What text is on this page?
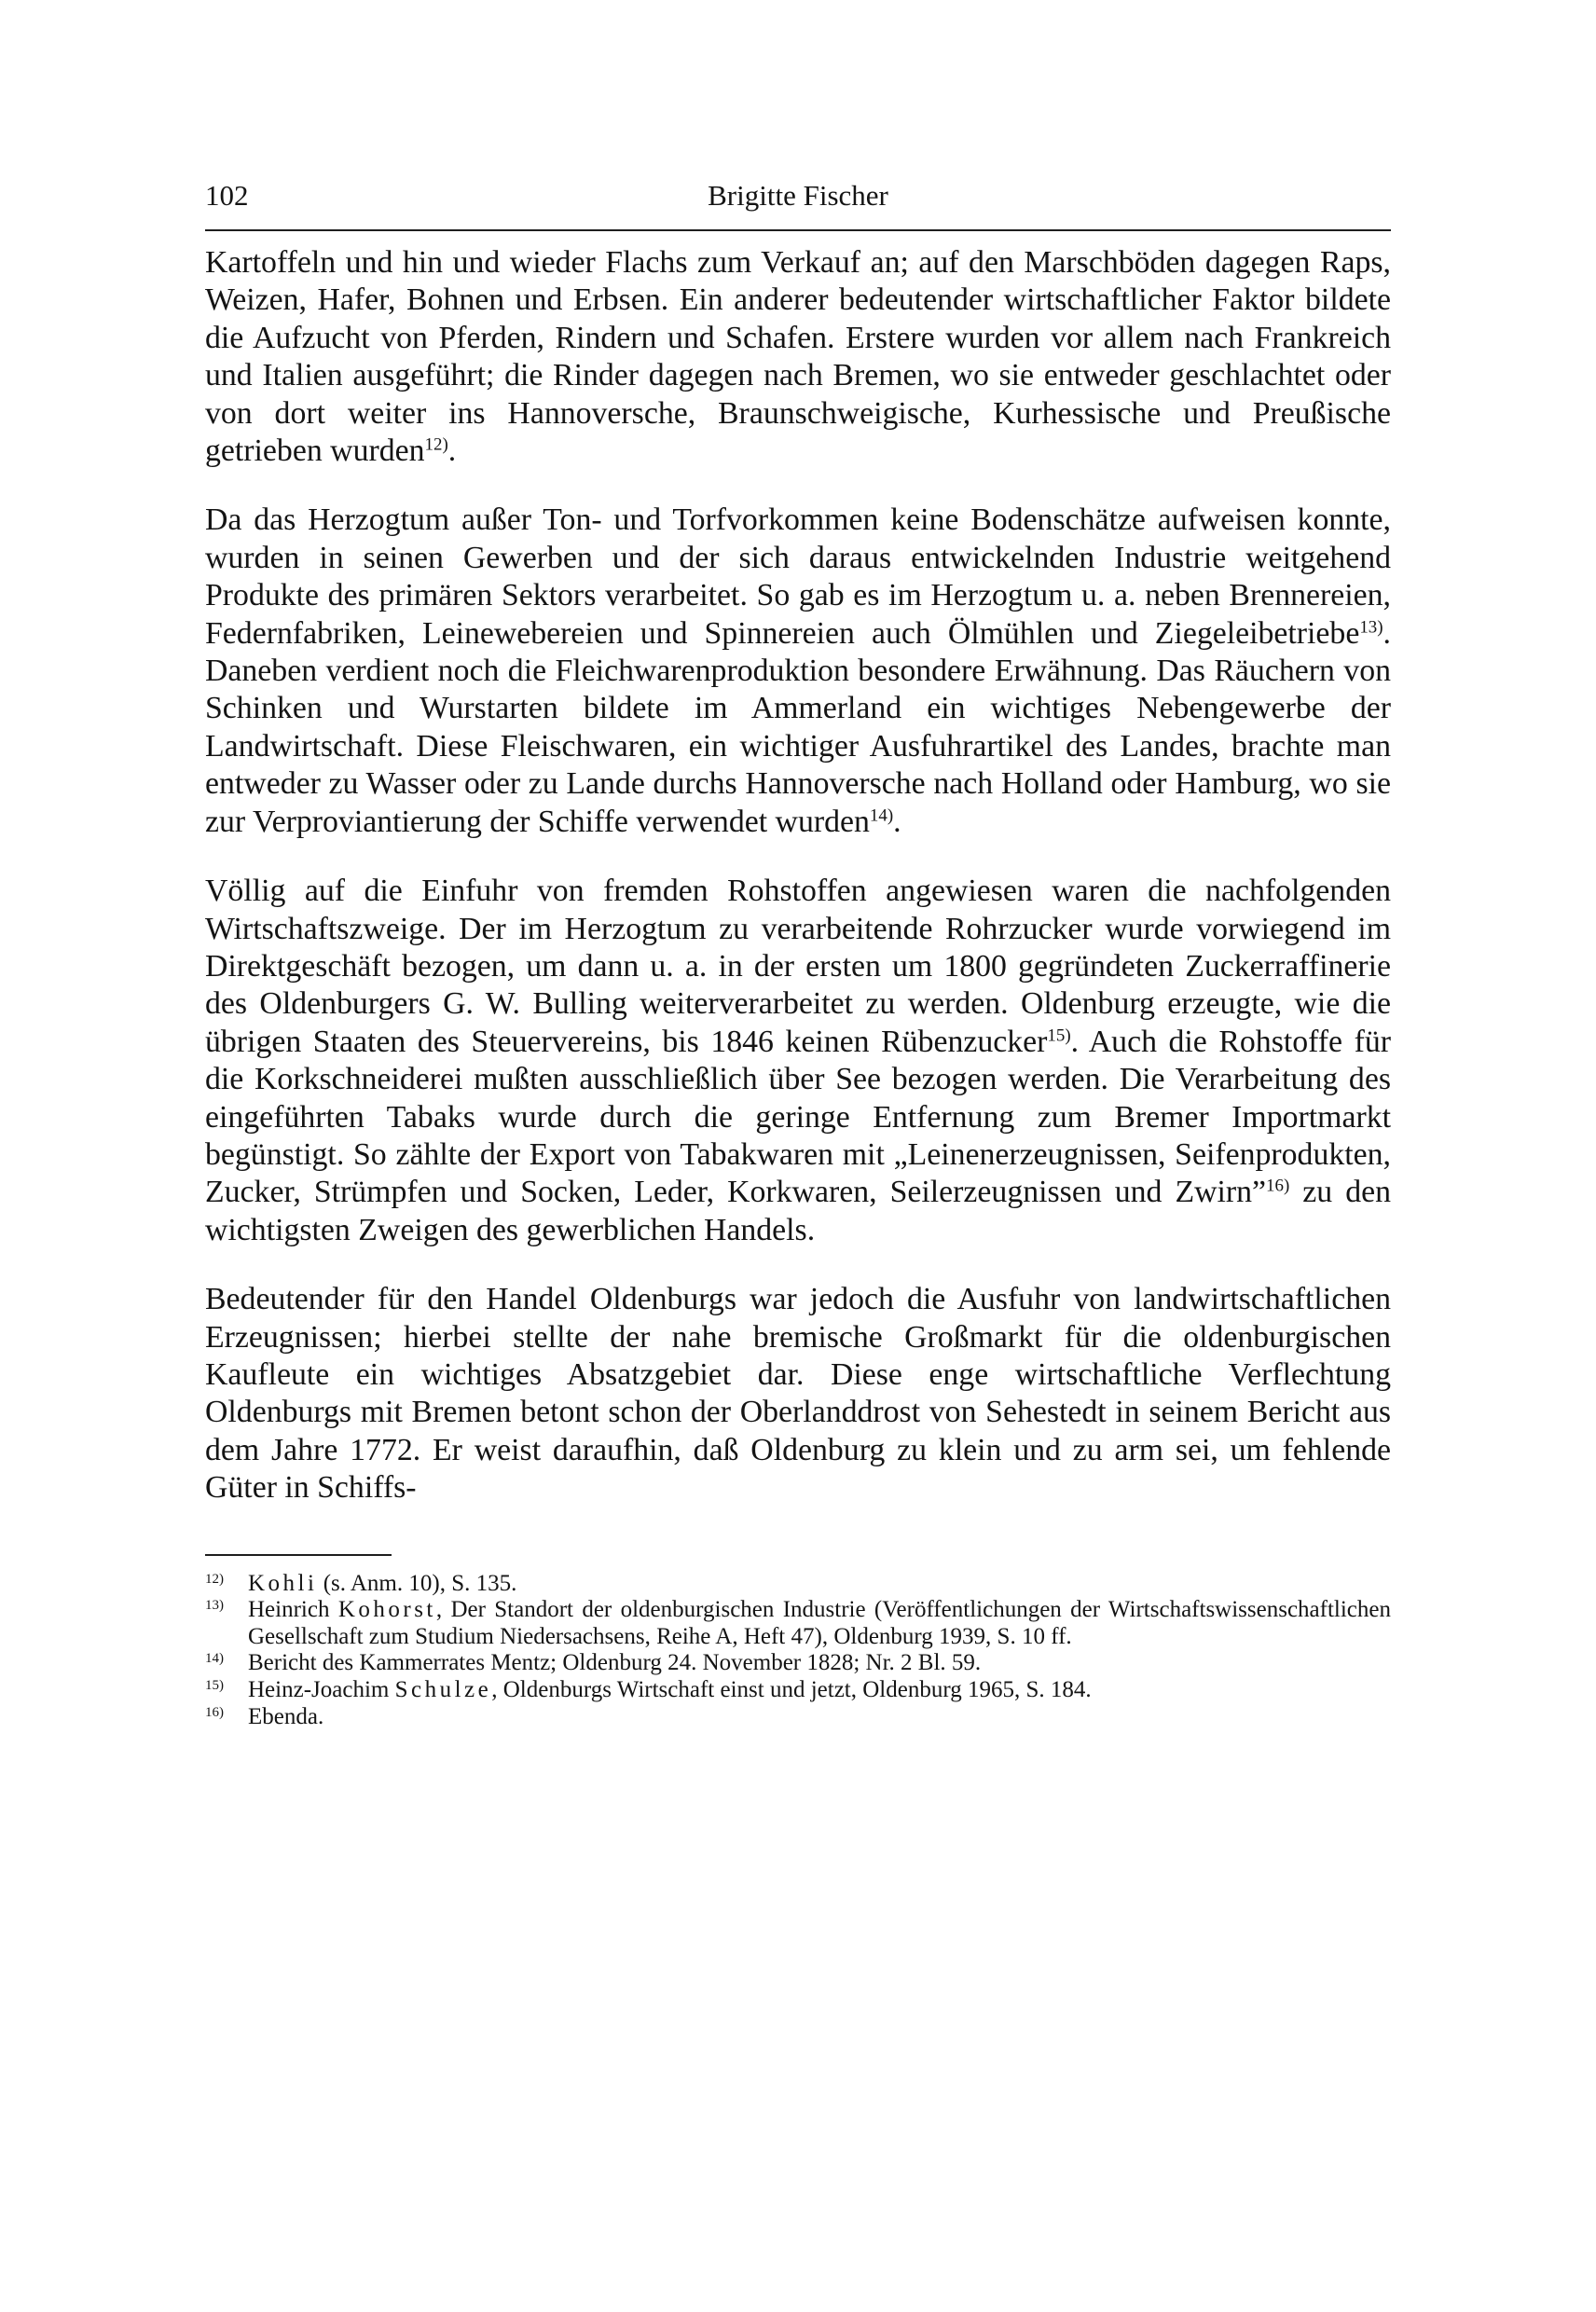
102	Brigitte Fischer

Kartoffeln und hin und wieder Flachs zum Verkauf an; auf den Marschböden dagegen Raps, Weizen, Hafer, Bohnen und Erbsen. Ein anderer bedeutender wirtschaftlicher Faktor bildete die Aufzucht von Pferden, Rindern und Schafen. Erstere wurden vor allem nach Frankreich und Italien ausgeführt; die Rinder dagegen nach Bremen, wo sie entweder geschlachtet oder von dort weiter ins Hannoversche, Braunschweigische, Kurhessische und Preußische getrieben wurden$^{12)}$.

Da das Herzogtum außer Ton- und Torfvorkommen keine Bodenschätze aufweisen konnte, wurden in seinen Gewerben und der sich daraus entwickelnden Industrie weitgehend Produkte des primären Sektors verarbeitet. So gab es im Herzogtum u. a. neben Brennereien, Federnfabriken, Leinewebereien und Spinnereien auch Ölmühlen und Ziegeleibetriebe$^{13)}$. Daneben verdient noch die Fleichwarenproduktion besondere Erwähnung. Das Räuchern von Schinken und Wurstarten bildete im Ammerland ein wichtiges Nebengewerbe der Landwirtschaft. Diese Fleischwaren, ein wichtiger Ausfuhrartikel des Landes, brachte man entweder zu Wasser oder zu Lande durchs Hannoversche nach Holland oder Hamburg, wo sie zur Verproviantierung der Schiffe verwendet wurden$^{14)}$.

Völlig auf die Einfuhr von fremden Rohstoffen angewiesen waren die nachfolgenden Wirtschaftszweige. Der im Herzogtum zu verarbeitende Rohrzucker wurde vorwiegend im Direktgeschäft bezogen, um dann u. a. in der ersten um 1800 gegründeten Zuckerraffinerie des Oldenburgers G. W. Bulling weiterverarbeitet zu werden. Oldenburg erzeugte, wie die übrigen Staaten des Steuervereins, bis 1846 keinen Rübenzucker$^{15)}$. Auch die Rohstoffe für die Korkschneiderei mußten ausschließlich über See bezogen werden. Die Verarbeitung des eingeführten Tabaks wurde durch die geringe Entfernung zum Bremer Importmarkt begünstigt. So zählte der Export von Tabakwaren mit „Leinenerzeugnissen, Seifenprodukten, Zucker, Strümpfen und Socken, Leder, Korkwaren, Seilerzeugnissen und Zwirn”$^{16)}$ zu den wichtigsten Zweigen des gewerblichen Handels.

Bedeutender für den Handel Oldenburgs war jedoch die Ausfuhr von landwirtschaftlichen Erzeugnissen; hierbei stellte der nahe bremische Großmarkt für die oldenburgischen Kaufleute ein wichtiges Absatzgebiet dar. Diese enge wirtschaftliche Verflechtung Oldenburgs mit Bremen betont schon der Oberlanddrost von Sehestedt in seinem Bericht aus dem Jahre 1772. Er weist daraufhin, daß Oldenburg zu klein und zu arm sei, um fehlende Güter in Schiffs-

$^{12)}$ Kohli (s. Anm. 10), S. 135.
$^{13)}$ Heinrich Kohorst, Der Standort der oldenburgischen Industrie (Veröffentlichungen der Wirtschaftswissenschaftlichen Gesellschaft zum Studium Niedersachsens, Reihe A, Heft 47), Oldenburg 1939, S. 10 ff.
$^{14)}$ Bericht des Kammerrates Mentz; Oldenburg 24. November 1828; Nr. 2 Bl. 59.
$^{15)}$ Heinz-Joachim Schulze, Oldenburgs Wirtschaft einst und jetzt, Oldenburg 1965, S. 184.
$^{16)}$ Ebenda.
